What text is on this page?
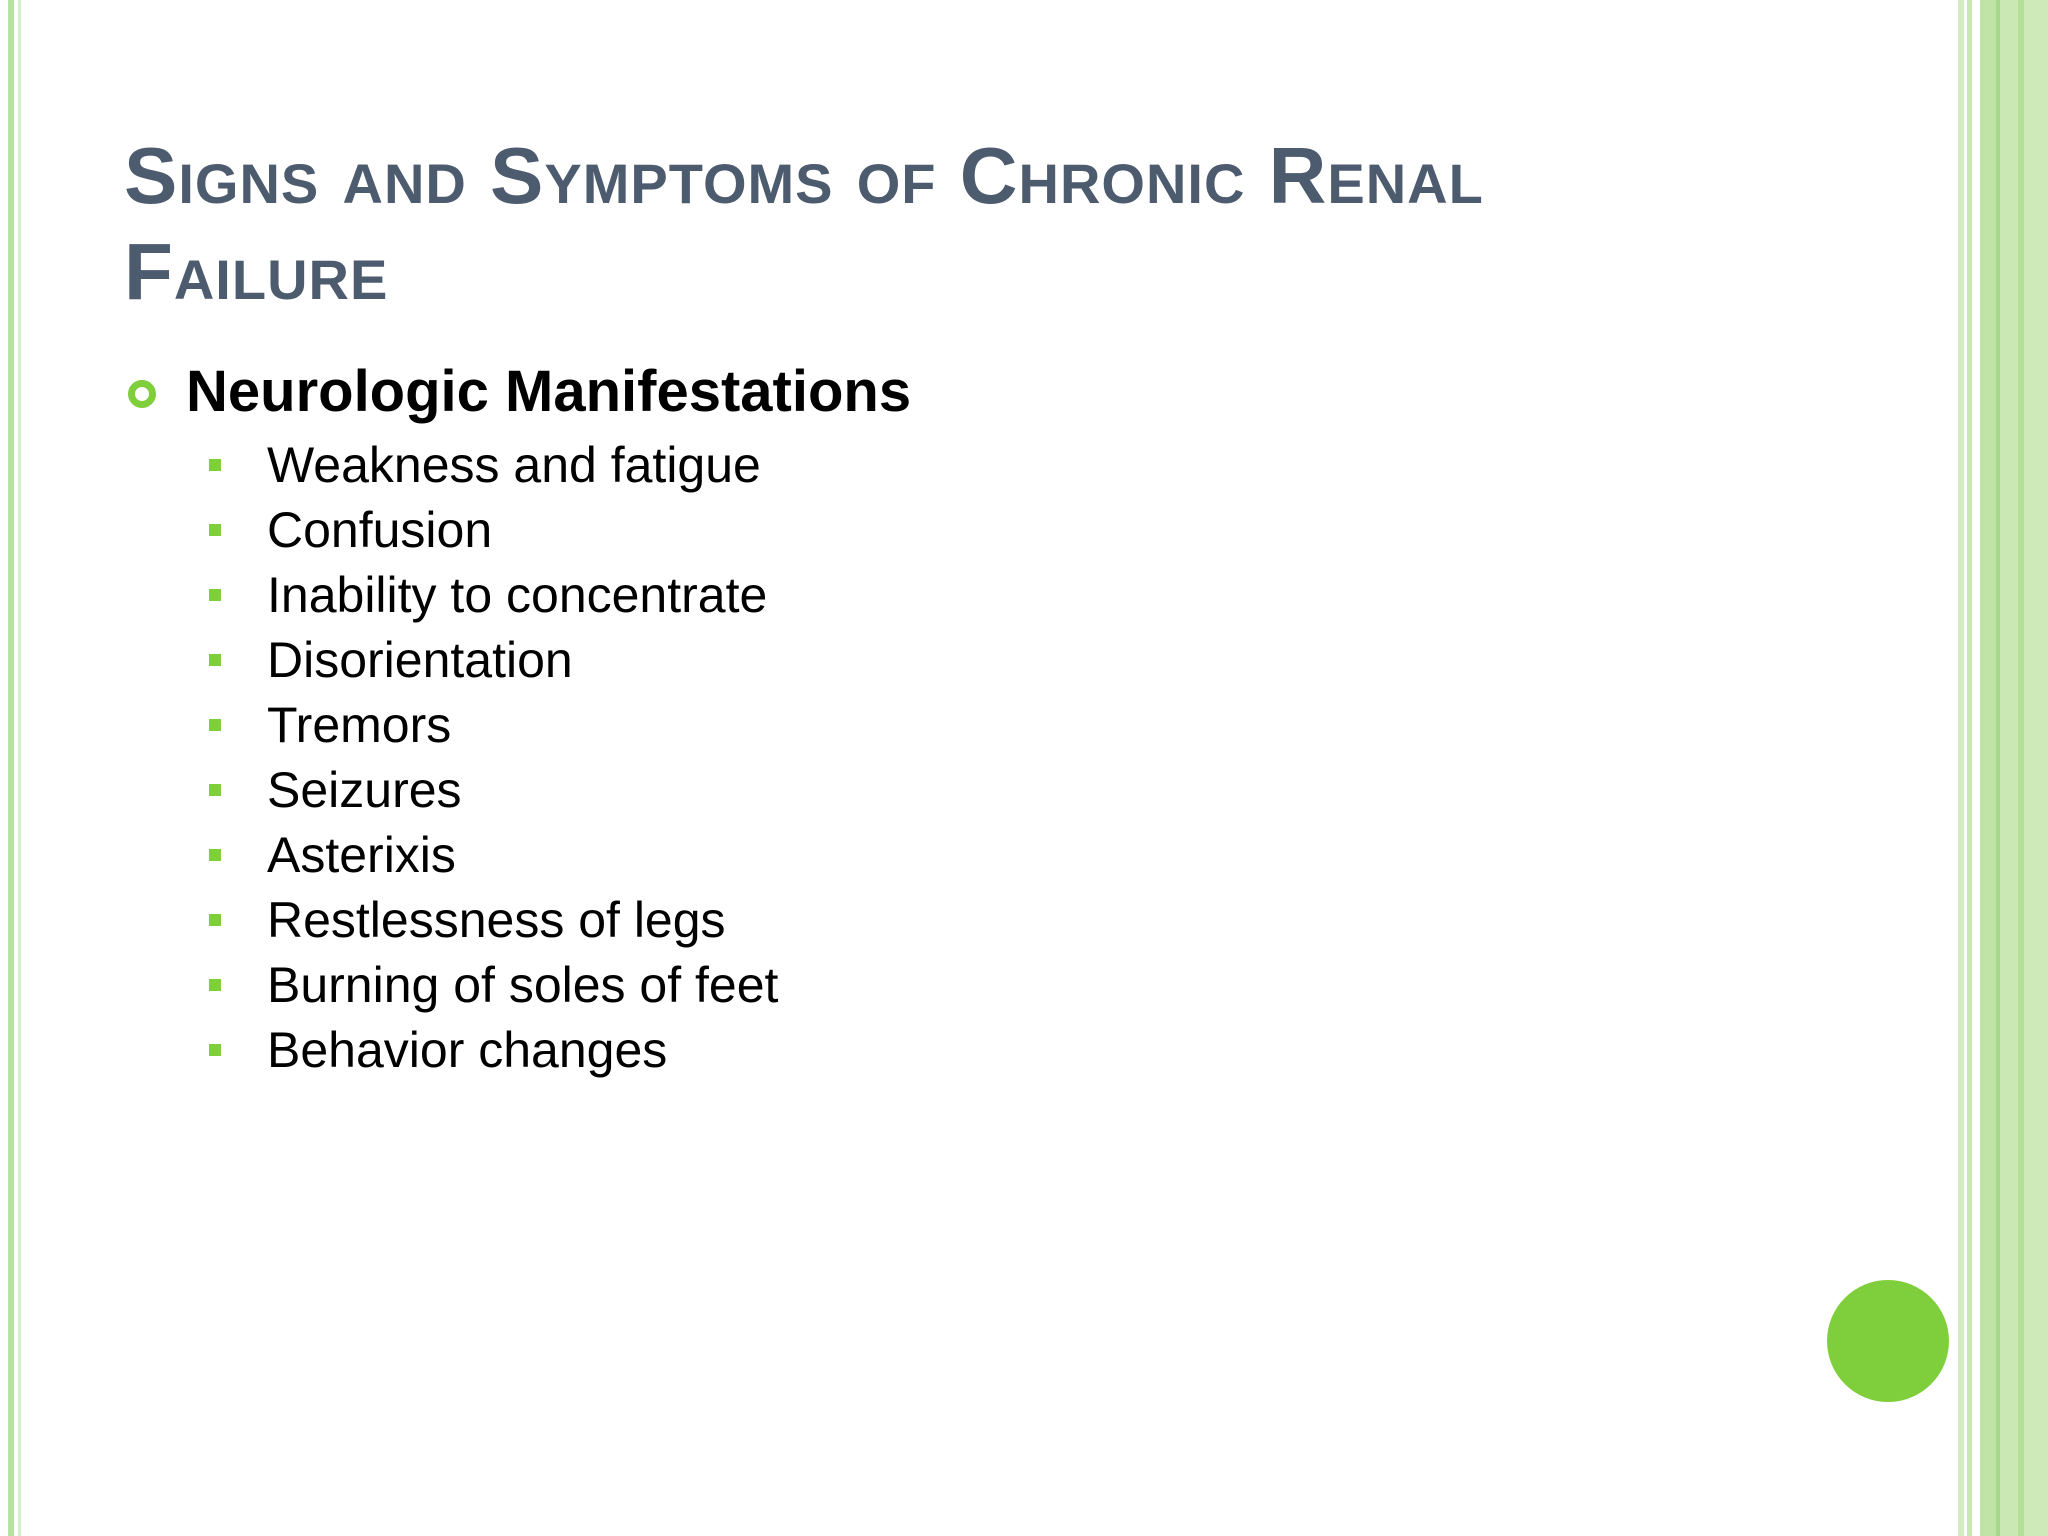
Signs and Symptoms of Chronic Renal Failure
Neurologic Manifestations
Weakness and fatigue
Confusion
Inability to concentrate
Disorientation
Tremors
Seizures
Asterixis
Restlessness of legs
Burning of soles of feet
Behavior changes
